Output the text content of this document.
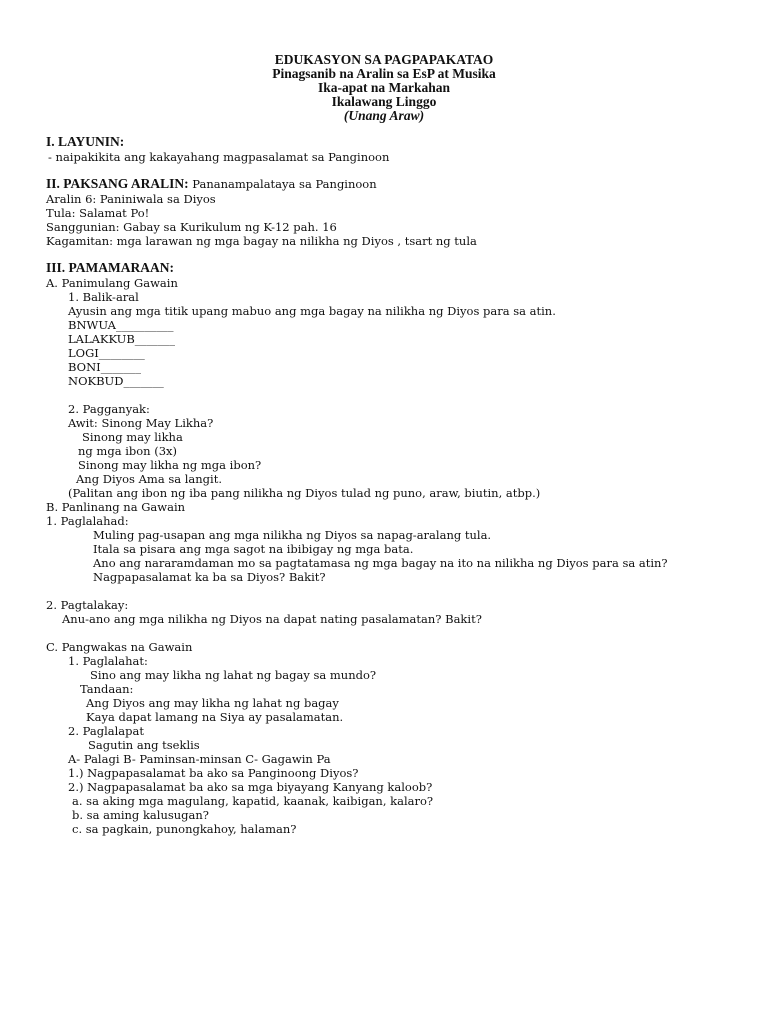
EDUKASYON SA PAGPAPAKATAO
Pinagsanib na Aralin sa EsP at Musika
Ika-apat na Markahan
Ikalawang Linggo
(Unang Araw)
I. LAYUNIN:
- naipakikita ang kakayahang magpasalamat sa Panginoon
II. PAKSANG ARALIN: Pananampalataya sa Panginoon
Aralin 6: Paniniwala sa Diyos
Tula: Salamat Po!
Sanggunian: Gabay sa Kurikulum ng K-12 pah. 16
Kagamitan: mga larawan ng mga bagay na nilikha ng Diyos , tsart ng tula
III. PAMAMARAAN:
A. Panimulang Gawain
1. Balik-aral
Ayusin ang mga titik upang mabuo ang mga bagay na nilikha ng Diyos para sa atin.
BNWUA__________
LALAKKUB_______
LOGI________
BONI_______
NOKBUD_______
2. Pagganyak:
Awit: Sinong May Likha?
Sinong may likha
ng mga ibon (3x)
Sinong may likha ng mga ibon?
Ang Diyos Ama sa langit.
(Palitan ang ibon ng iba pang nilikha ng Diyos tulad ng puno, araw, biutin, atbp.)
B. Panlinang na Gawain
1. Paglalahad:
Muling pag-usapan ang mga nilikha ng Diyos sa napag-aralang tula.
Itala sa pisara ang mga sagot na ibibigay ng mga bata.
Ano ang nararamdaman mo sa pagtatamasa ng mga bagay na ito na nilikha ng Diyos para sa atin?
Nagpapasalamat ka ba sa Diyos? Bakit?
2. Pagtalakay:
Anu-ano ang mga nilikha ng Diyos na dapat nating pasalamatan? Bakit?
C. Pangwakas na Gawain
1. Paglalahat:
Sino ang may likha ng lahat ng bagay sa mundo?
Tandaan:
Ang Diyos ang may likha ng lahat ng bagay
Kaya dapat lamang na Siya ay pasalamatan.
2. Paglalapat
Sagutin ang tseklis
A- Palagi B- Paminsan-minsan C- Gagawin Pa
1.) Nagpapasalamat ba ako sa Panginoong Diyos?
2.) Nagpapasalamat ba ako sa mga biyayang Kanyang kaloob?
a. sa aking mga magulang, kapatid, kaanak, kaibigan, kalaro?
b. sa aming kalusugan?
c. sa pagkain, punongkahoy, halaman?
